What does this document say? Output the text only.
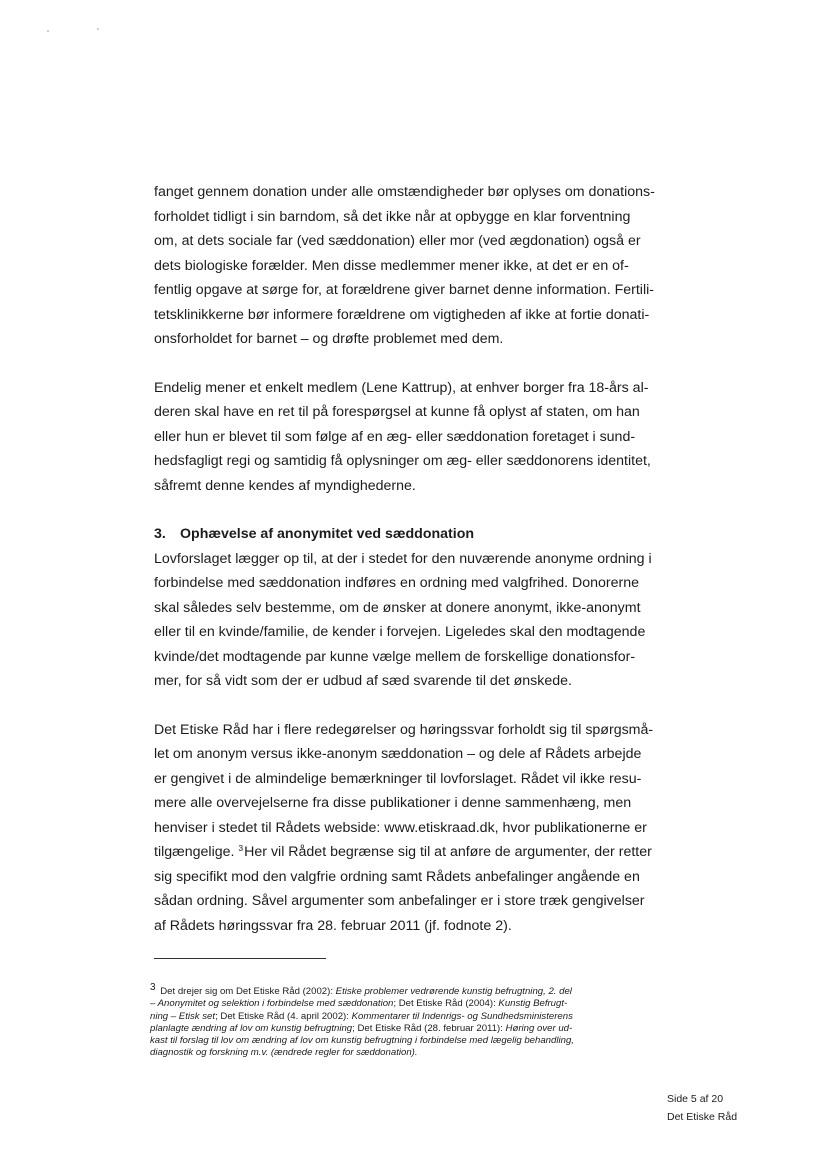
fanget gennem donation under alle omstændigheder bør oplyses om donations-
forholdet tidligt i sin barndom, så det ikke når at opbygge en klar forventning
om, at dets sociale far (ved sæddonation) eller mor (ved ægdonation) også er
dets biologiske forælder. Men disse medlemmer mener ikke, at det er en of-
fentlig opgave at sørge for, at forældrene giver barnet denne information. Fertili-
tetsklinikkerne bør informere forældrene om vigtigheden af ikke at fortie donati-
onsforholdet for barnet – og drøfte problemet med dem.

Endelig mener et enkelt medlem (Lene Kattrup), at enhver borger fra 18-års al-
deren skal have en ret til på forespørgsel at kunne få oplyst af staten, om han
eller hun er blevet til som følge af en æg- eller sæddonation foretaget i sund-
hedsfagligt regi og samtidig få oplysninger om æg- eller sæddonorens identitet,
såfremt denne kendes af myndighederne.

3. Ophævelse af anonymitet ved sæddonation

Lovforslaget lægger op til, at der i stedet for den nuværende anonyme ordning i
forbindelse med sæddonation indføres en ordning med valgfrihed. Donorerne
skal således selv bestemme, om de ønsker at donere anonymt, ikke-anonymt
eller til en kvinde/familie, de kender i forvejen. Ligeledes skal den modtagende
kvinde/det modtagende par kunne vælge mellem de forskellige donationsfor-
mer, for så vidt som der er udbud af sæd svarende til det ønskede.

Det Etiske Råd har i flere redegørelser og høringssvar forholdt sig til spørgsmå-
let om anonym versus ikke-anonym sæddonation – og dele af Rådets arbejde
er gengivet i de almindelige bemærkninger til lovforslaget. Rådet vil ikke resu-
mere alle overvejelserne fra disse publikationer i denne sammenhæng, men
henviser i stedet til Rådets webside: www.etiskraad.dk, hvor publikationerne er
tilgængelige. $^3$Her vil Rådet begrænse sig til at anføre de argumenter, der retter
sig specifikt mod den valgfrie ordning samt Rådets anbefalinger angående en
sådan ordning. Såvel argumenter som anbefalinger er i store træk gengivelser
af Rådets høringssvar fra 28. februar 2011 (jf. fodnote 2).

$^3$ Det drejer sig om Det Etiske Råd (2002): Etiske problemer vedrørende kunstig befrugtning, 2. del
– Anonymitet og selektion i forbindelse med sæddonation; Det Etiske Råd (2004): Kunstig Befrugt-
ning – Etisk set; Det Etiske Råd (4. april 2002): Kommentarer til Indenrigs- og Sundhedsministerens
planlagte ændring af lov om kunstig befrugtning; Det Etiske Råd (28. februar 2011): Høring over ud-
kast til forslag til lov om ændring af lov om kunstig befrugtning i forbindelse med lægelig behandling,
diagnostik og forskning m.v. (ændrede regler for sæddonation).

Side 5 af 20
Det Etiske Råd
